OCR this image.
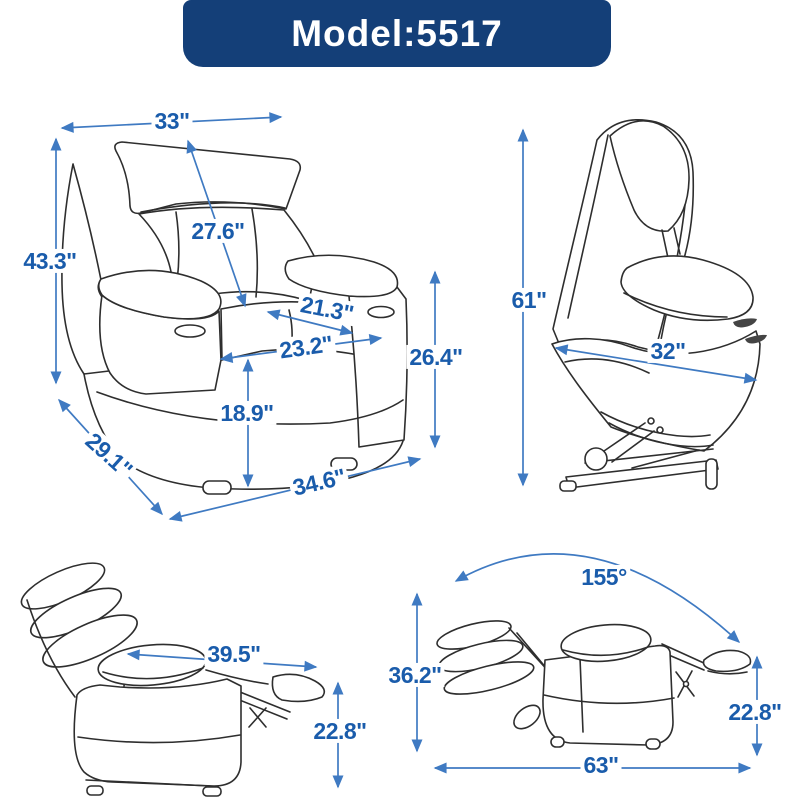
Model:5517
33"
43.3"
27.6"
21.3"
23.2"	26.4"
18.9"
29.1"	34.6"
61"
32"
39.5"
22.8"
155°
36.2"
22.8"
63"
